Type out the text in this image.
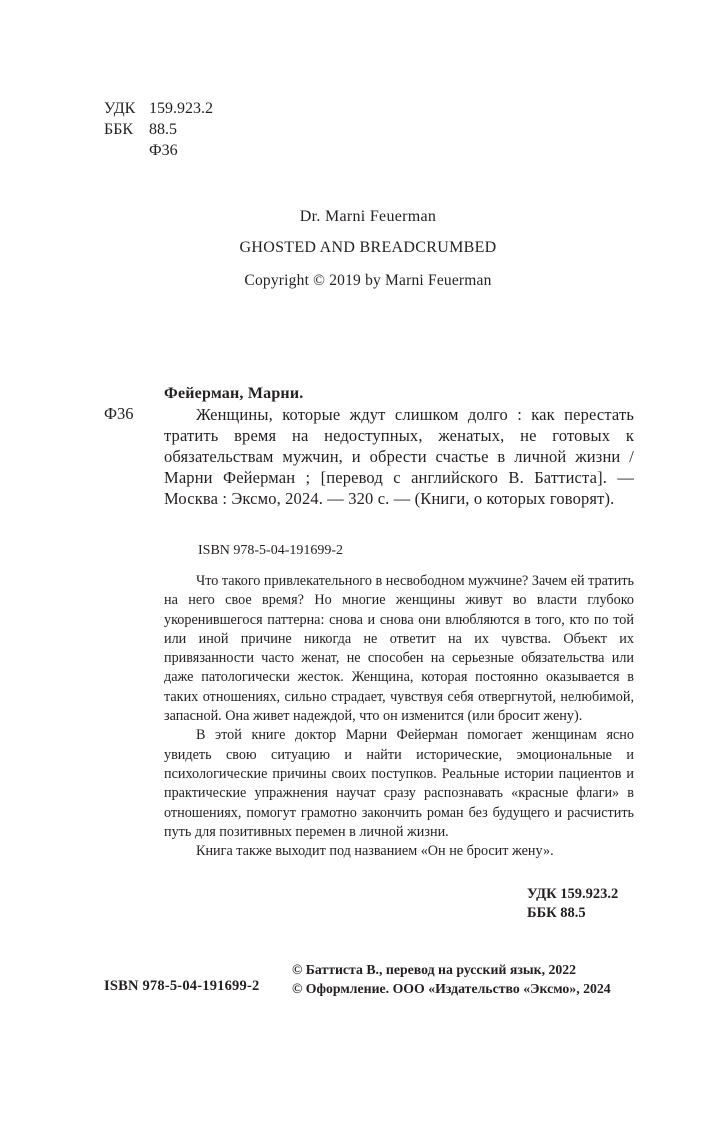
УДК 159.923.2
ББК 88.5
Ф36
Dr. Marni Feuerman
GHOSTED AND BREADCRUMBED
Copyright © 2019 by Marni Feuerman
Ф36
Фейерман, Марни.
Женщины, которые ждут слишком долго : как перестать тратить время на недоступных, женатых, не готовых к обязательствам мужчин, и обрести счастье в личной жизни / Марни Фейерман ; [перевод с английского В. Баттиста]. — Москва : Эксмо, 2024. — 320 с. — (Книги, о которых говорят).
ISBN 978-5-04-191699-2

Что такого привлекательного в несвободном мужчине? Зачем ей тратить на него свое время? Но многие женщины живут во власти глубоко укоренившегося паттерна: снова и снова они влюбляются в того, кто по той или иной причине никогда не ответит на их чувства. Объект их привязанности часто женат, не способен на серьезные обязательства или даже патологически жесток. Женщина, которая постоянно оказывается в таких отношениях, сильно страдает, чувствуя себя отвергнутой, нелюбимой, запасной. Она живет надеждой, что он изменится (или бросит жену).

В этой книге доктор Марни Фейерман помогает женщинам ясно увидеть свою ситуацию и найти исторические, эмоциональные и психологические причины своих поступков. Реальные истории пациентов и практические упражнения научат сразу распознавать «красные флаги» в отношениях, помогут грамотно закончить роман без будущего и расчистить путь для позитивных перемен в личной жизни.

Книга также выходит под названием «Он не бросит жену».

УДК 159.923.2
ББК 88.5
ISBN 978-5-04-191699-2
© Баттиста В., перевод на русский язык, 2022
© Оформление. ООО «Издательство «Эксмо», 2024
